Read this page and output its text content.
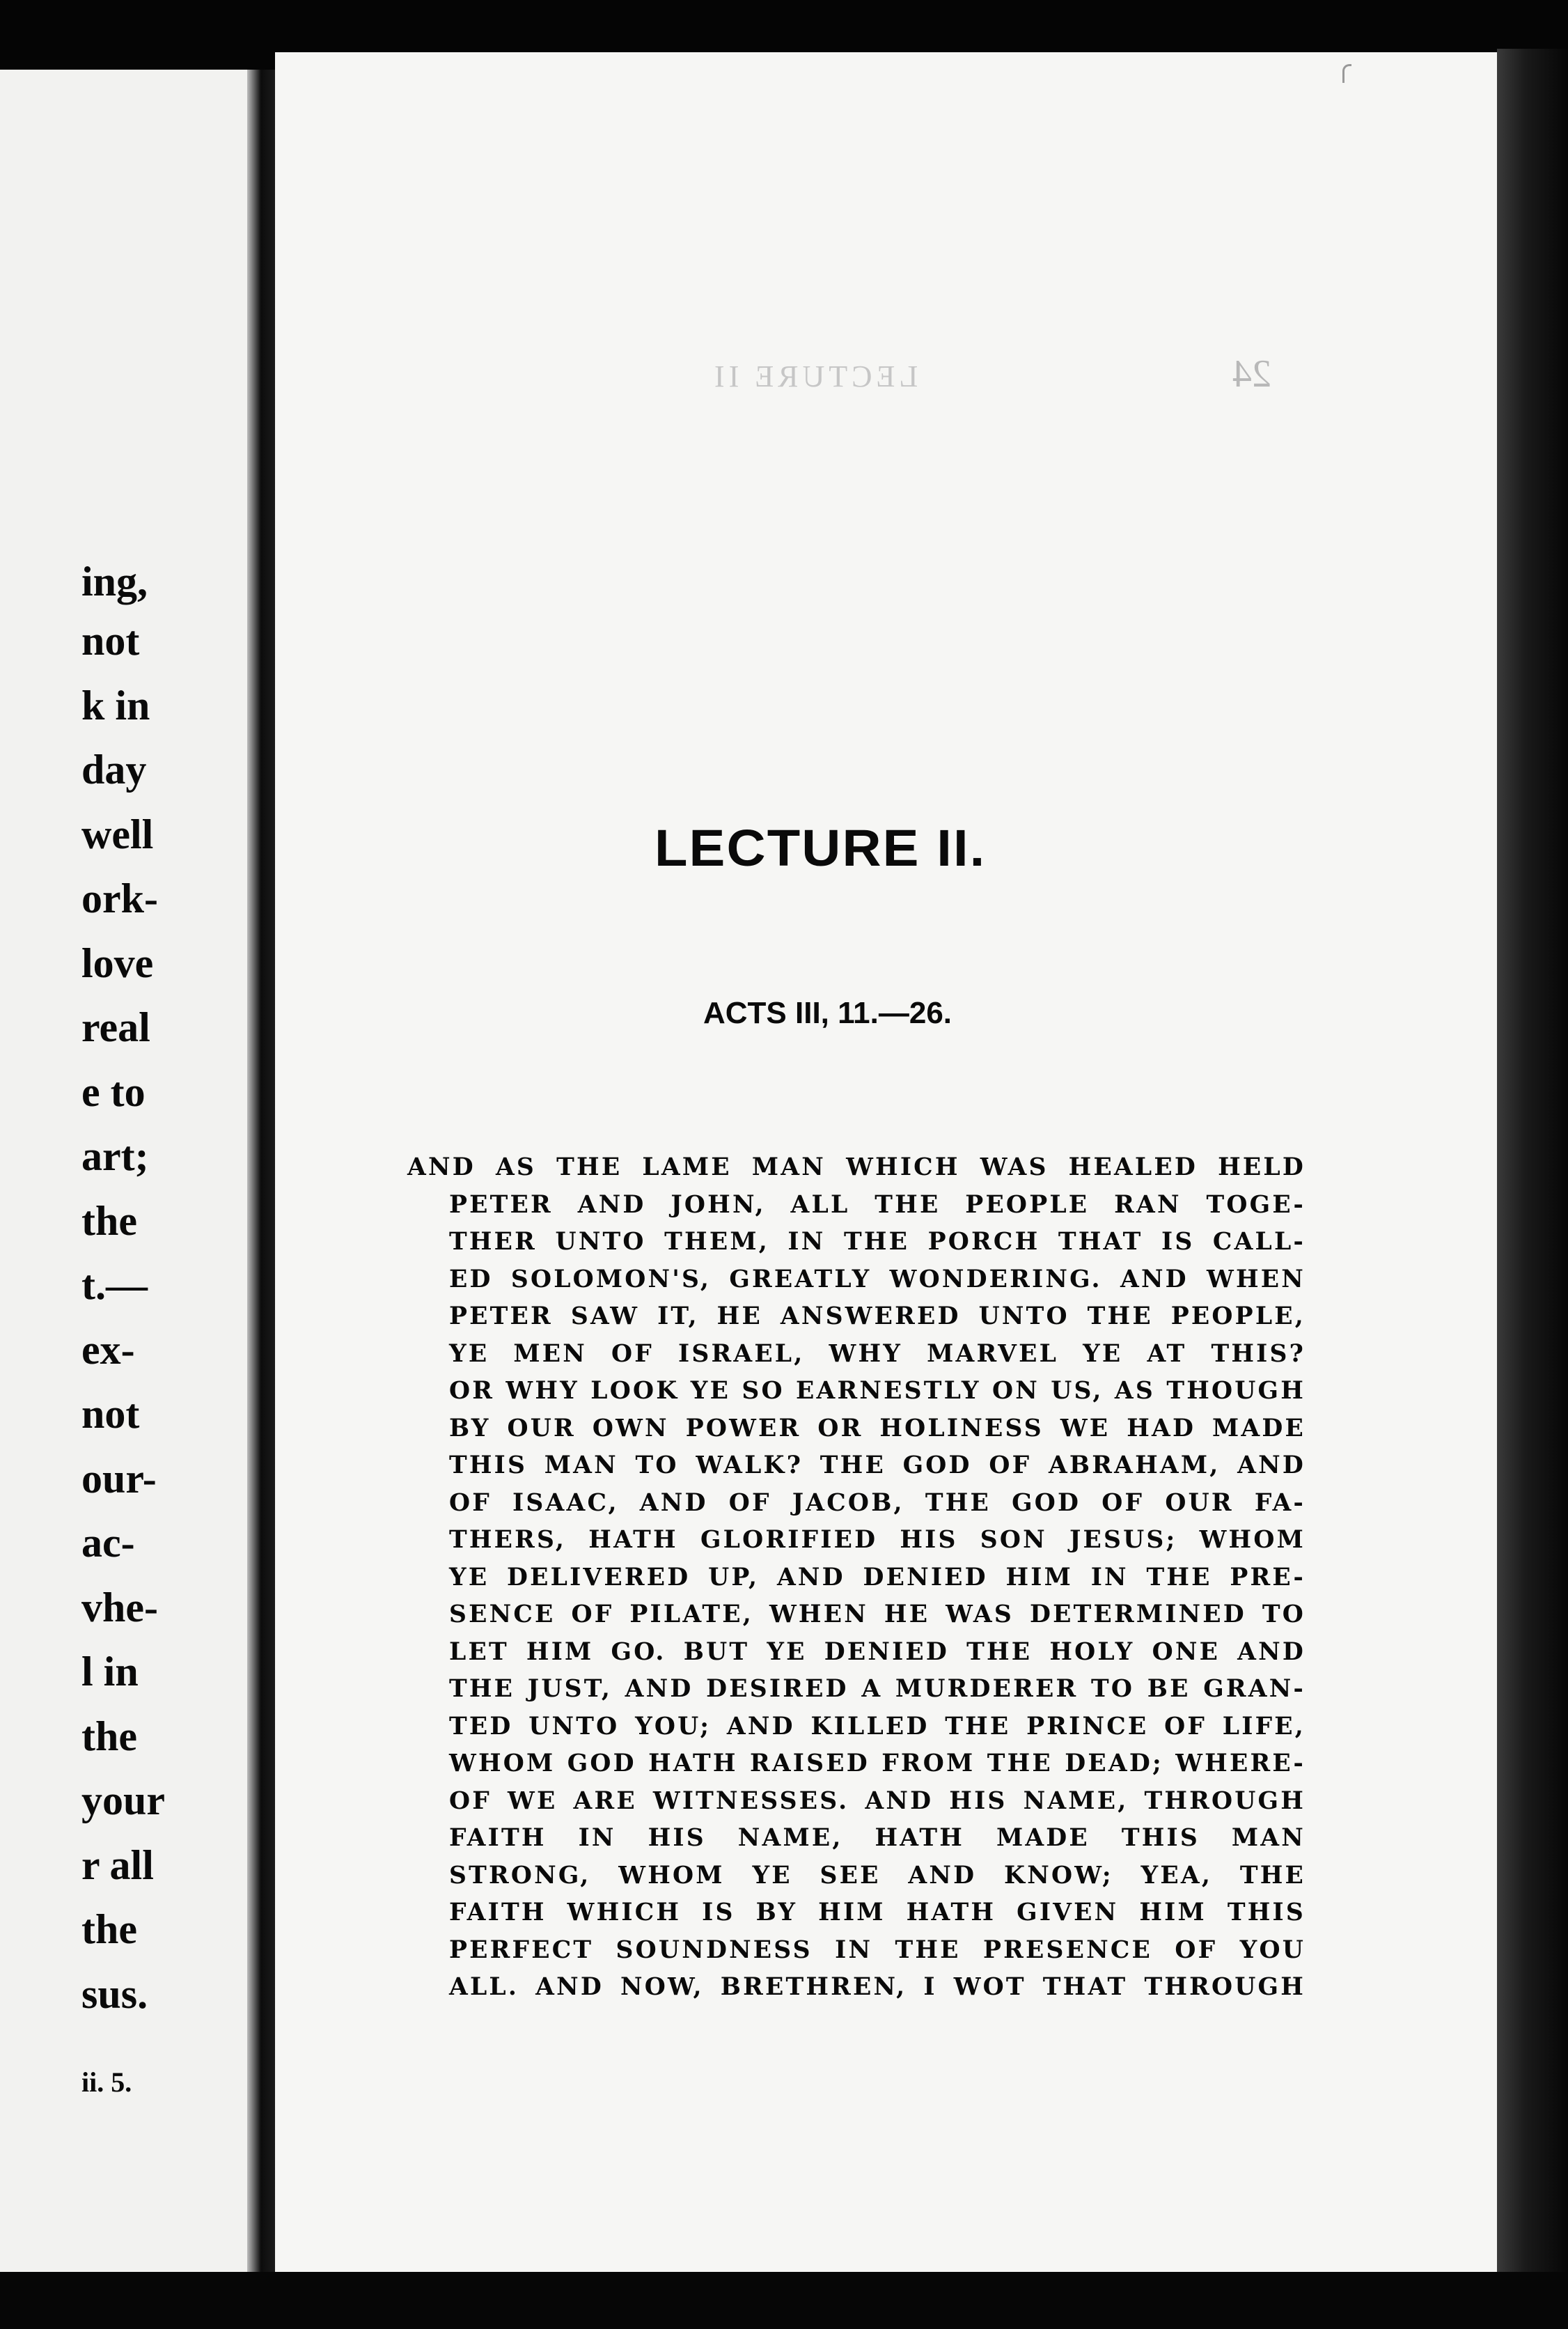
ing,
not
k in
day
well
ork-
love
real
e to
art;
the
t.—
ex-
not
our-
ac-
vhe-
l in
the
your
r all
the
sus.
ii. 5.
LECTURE II	24
LECTURE II.
ACTS III, 11.—26.
AND AS THE LAME MAN WHICH WAS HEALED HELD
PETER AND JOHN, ALL THE PEOPLE RAN TOGE-
THER UNTO THEM, IN THE PORCH THAT IS CALL-
ED SOLOMON'S, GREATLY WONDERING. AND WHEN
PETER SAW IT, HE ANSWERED UNTO THE PEOPLE,
YE MEN OF ISRAEL, WHY MARVEL YE AT THIS?
OR WHY LOOK YE SO EARNESTLY ON US, AS THOUGH
BY OUR OWN POWER OR HOLINESS WE HAD MADE
THIS MAN TO WALK? THE GOD OF ABRAHAM, AND
OF ISAAC, AND OF JACOB, THE GOD OF OUR FA-
THERS, HATH GLORIFIED HIS SON JESUS; WHOM
YE DELIVERED UP, AND DENIED HIM IN THE PRE-
SENCE OF PILATE, WHEN HE WAS DETERMINED TO
LET HIM GO. BUT YE DENIED THE HOLY ONE AND
THE JUST, AND DESIRED A MURDERER TO BE GRAN-
TED UNTO YOU; AND KILLED THE PRINCE OF LIFE,
WHOM GOD HATH RAISED FROM THE DEAD; WHERE-
OF WE ARE WITNESSES. AND HIS NAME, THROUGH
FAITH IN HIS NAME, HATH MADE THIS MAN
STRONG, WHOM YE SEE AND KNOW; YEA, THE
FAITH WHICH IS BY HIM HATH GIVEN HIM THIS
PERFECT SOUNDNESS IN THE PRESENCE OF YOU
ALL. AND NOW, BRETHREN, I WOT THAT THROUGH
